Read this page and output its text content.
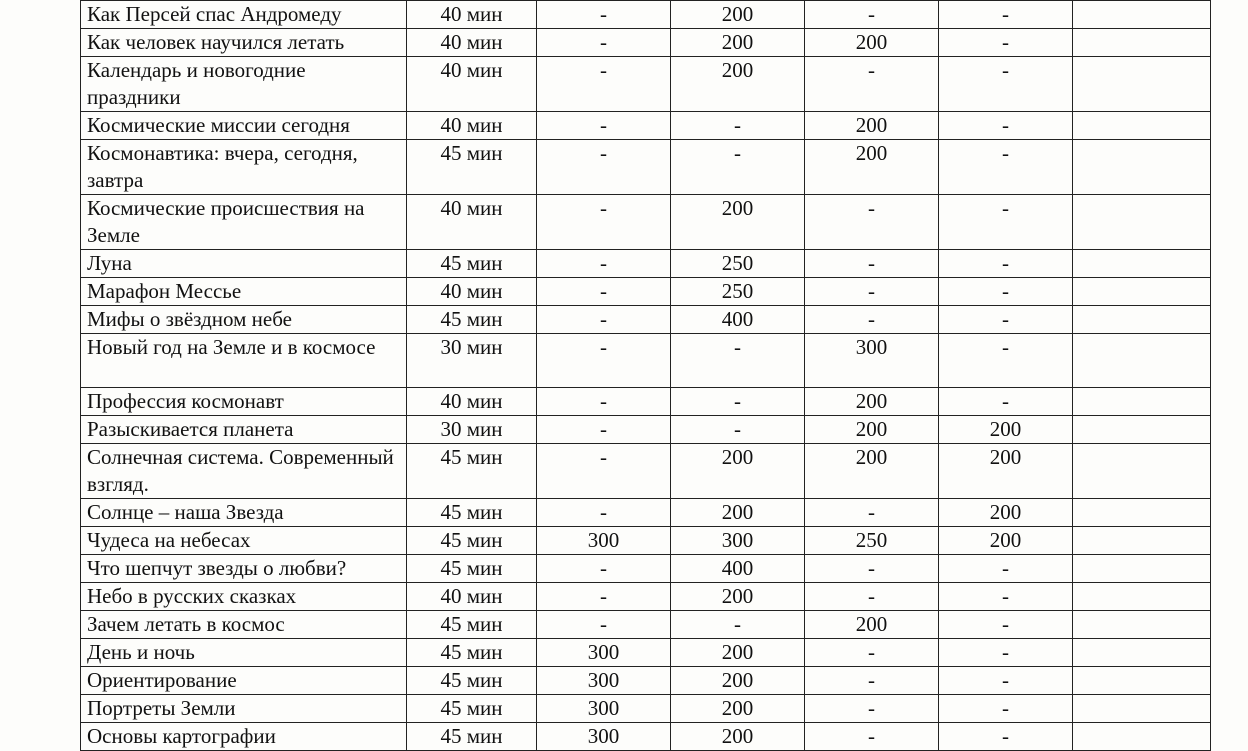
Как Персей спас Андромеду	40 мин	-	200	-	-	
Как человек научился летать	40 мин	-	200	200	-	
Календарь и новогодние праздники	40 мин	-	200	-	-	
Космические миссии сегодня	40 мин	-	-	200	-	
Космонавтика: вчера, сегодня, завтра	45 мин	-	-	200	-	
Космические происшествия на Земле	40 мин	-	200	-	-	
Луна	45 мин	-	250	-	-	
Марафон Мессье	40 мин	-	250	-	-	
Мифы о звёздном небе	45 мин	-	400	-	-	
Новый год на Земле и в космосе	30 мин	-	-	300	-	
Профессия космонавт	40 мин	-	-	200	-	
Разыскивается планета	30 мин	-	-	200	200	
Солнечная система. Современный взгляд.	45 мин	-	200	200	200	
Солнце – наша Звезда	45 мин	-	200	-	200	
Чудеса на небесах	45 мин	300	300	250	200	
Что шепчут звезды о любви?	45 мин	-	400	-	-	
Небо в русских сказках	40 мин	-	200	-	-	
Зачем летать в космос	45 мин	-	-	200	-	
День и ночь	45 мин	300	200	-	-	
Ориентирование	45 мин	300	200	-	-	
Портреты Земли	45 мин	300	200	-	-	
Основы картографии	45 мин	300	200	-	-	
